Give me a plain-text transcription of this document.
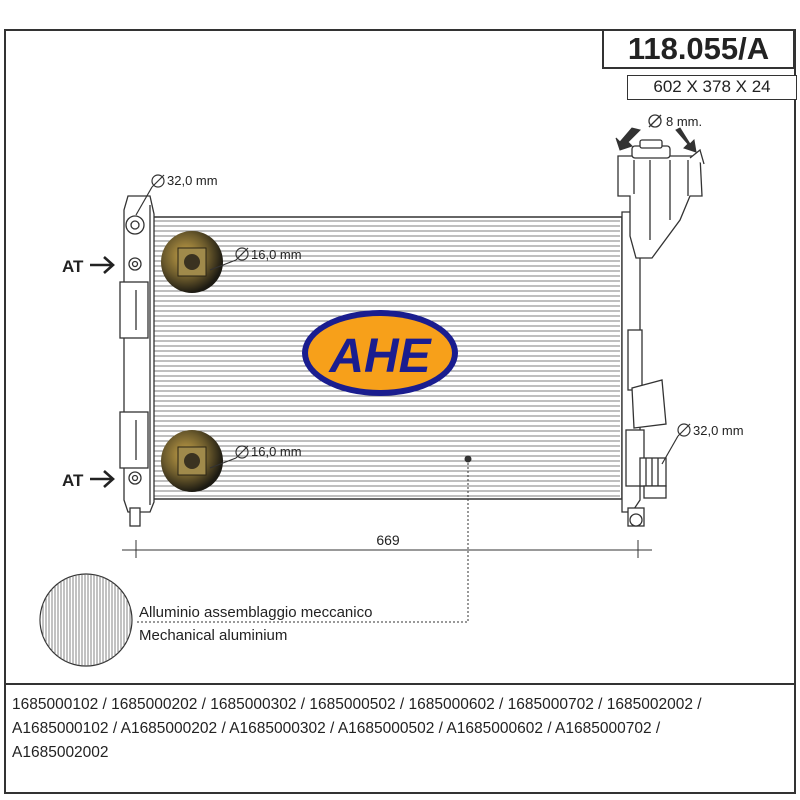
118.055/A
602 X 378 X 24
8 mm.
32,0 mm
16,0 mm
16,0 mm
AT
AT
32,0 mm
AHE
669
Alluminio assemblaggio meccanico
Mechanical aluminium
1685000102 / 1685000202 / 1685000302 / 1685000502 / 1685000602 / 1685000702 / 1685002002 /
A1685000102 / A1685000202 / A1685000302 / A1685000502 / A1685000602 / A1685000702 /
A1685002002
